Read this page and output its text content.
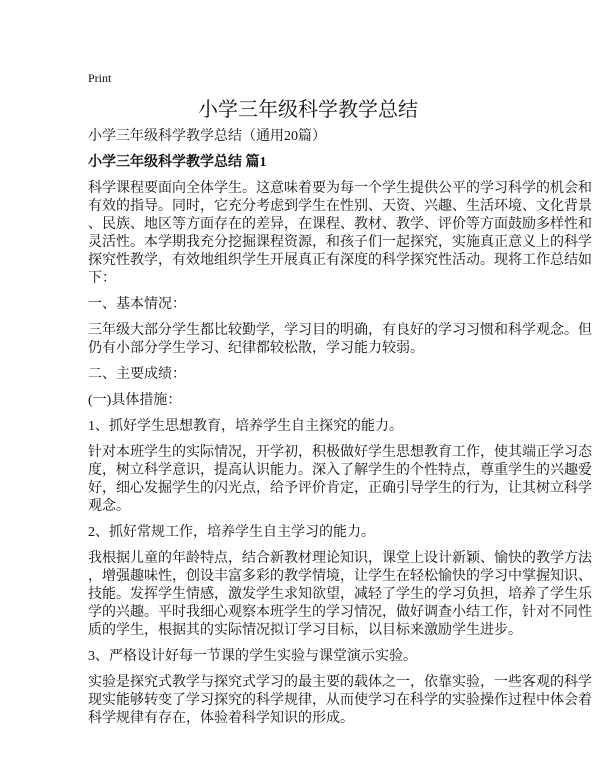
Print
小学三年级科学教学总结
小学三年级科学教学总结（通用20篇）
小学三年级科学教学总结 篇1
科学课程要面向全体学生。这意味着要为每一个学生提供公平的学习科学的机会和
有效的指导。同时，它充分考虑到学生在性别、天资、兴趣、生活环境、文化背景
、民族、地区等方面存在的差异，在课程、教材、教学、评价等方面鼓励多样性和
灵活性。本学期我充分挖掘课程资源，和孩子们一起探究，实施真正意义上的科学
探究性教学，有效地组织学生开展真正有深度的科学探究性活动。现将工作总结如
下：
一、基本情况：
三年级大部分学生都比较勤学，学习目的明确，有良好的学习习惯和科学观念。但
仍有小部分学生学习、纪律都较松散，学习能力较弱。
二、主要成绩：
(一)具体措施：
1、抓好学生思想教育，培养学生自主探究的能力。
针对本班学生的实际情况，开学初，积极做好学生思想教育工作，使其端正学习态
度，树立科学意识，提高认识能力。深入了解学生的个性特点，尊重学生的兴趣爱
好，细心发掘学生的闪光点，给予评价肯定，正确引导学生的行为，让其树立科学
观念。
2、抓好常规工作，培养学生自主学习的能力。
我根据儿童的年龄特点，结合新教材理论知识，课堂上设计新颖、愉快的教学方法
，增强趣味性，创设丰富多彩的教学情境，让学生在轻松愉快的学习中掌握知识、
技能。发挥学生情感，激发学生求知欲望，减轻了学生的学习负担，培养了学生乐
学的兴趣。平时我细心观察本班学生的学习情况，做好调查小结工作，针对不同性
质的学生，根据其的实际情况拟订学习目标，以目标来激励学生进步。
3、严格设计好每一节课的学生实验与课堂演示实验。
实验是探究式教学与探究式学习的最主要的载体之一，依靠实验，一些客观的科学
现实能够转变了学习探究的科学规律，从而使学习在科学的实验操作过程中体会着
科学规律有存在，体验着科学知识的形成。
